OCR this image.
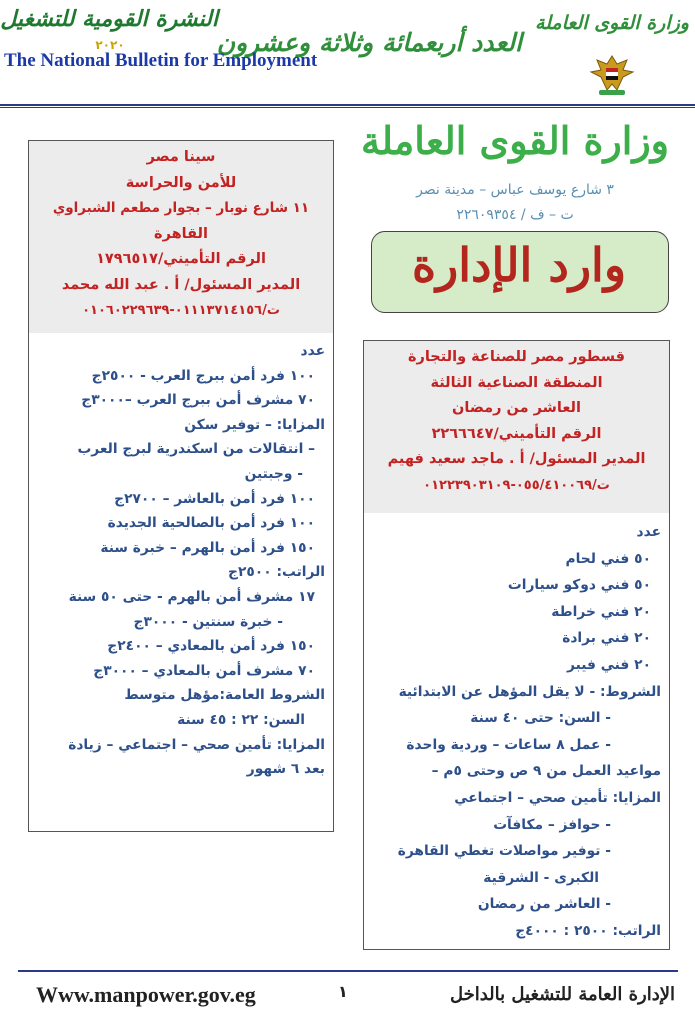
وزارة القوى العاملة
العدد أربعمائة وثلاثة وعشرون
النشرة القومية للتشغيل
٢٠٢٠
The National Bulletin for Employment
وزارة القوى العاملة
٣ شارع يوسف عباس – مدينة نصر
ت – ف / ٢٢٦٠٩٣٥٤
وارد الإدارة
سينا مصر
للأمن والحراسة
١١ شارع نوبار – بجوار مطعم الشبراوي
القاهرة
الرقم التأميني/١٧٩٦٥١٧
المدير المسئول/ أ . عبد الله محمد
ت/٠١١١٣٧١٤١٥٦-٠١٠٦٠٢٢٩٦٣٩
عدد
١٠٠ فرد أمن ببرج العرب - ٢٥٠٠ج
٧٠ مشرف أمن ببرج العرب –٣٠٠٠ج
المزايا: – توفير سكن
– انتقالات من اسكندرية لبرج العرب
- وجبتين
١٠٠ فرد أمن بالعاشر – ٢٧٠٠ج
١٠٠ فرد أمن بالصالحية الجديدة
١٥٠ فرد أمن بالهرم – خبرة سنة
الراتب: ٢٥٠٠ج
١٧ مشرف أمن بالهرم - حتى ٥٠ سنة
- خبرة سنتين - ٣٠٠٠ج
١٥٠ فرد أمن بالمعادي – ٢٤٠٠ج
٧٠ مشرف أمن بالمعادي – ٣٠٠٠ج
الشروط العامة:مؤهل متوسط
السن: ٢٢ : ٤٥ سنة
المزايا: تأمين صحي – اجتماعي – زيادة
بعد ٦ شهور
قسطور مصر للصناعة والتجارة
المنطقة الصناعية الثالثة
العاشر من رمضان
الرقم التأميني/٢٢٦٦٦٤٧
المدير المسئول/ أ . ماجد سعيد فهيم
ت/٠٥٥/٤١٠٠٦٩-٠١٢٢٣٩٠٣١٠٩
عدد
٥٠ فني لحام
٥٠ فني دوكو سيارات
٢٠ فني خراطة
٢٠ فني برادة
٢٠ فني فيبر
الشروط: - لا يقل المؤهل عن الابتدائية
- السن: حتى ٤٠ سنة
- عمل ٨ ساعات – وردية واحدة
مواعيد العمل من ٩ ص وحتى ٥م –
المزايا: تأمين صحي – اجتماعي
- حوافز – مكافآت
- توفير مواصلات تغطي القاهرة
الكبرى - الشرقية
- العاشر من رمضان
الراتب: ٢٥٠٠ : ٤٠٠٠ج
Www.manpower.gov.eg	١	الإدارة العامة للتشغيل بالداخل
